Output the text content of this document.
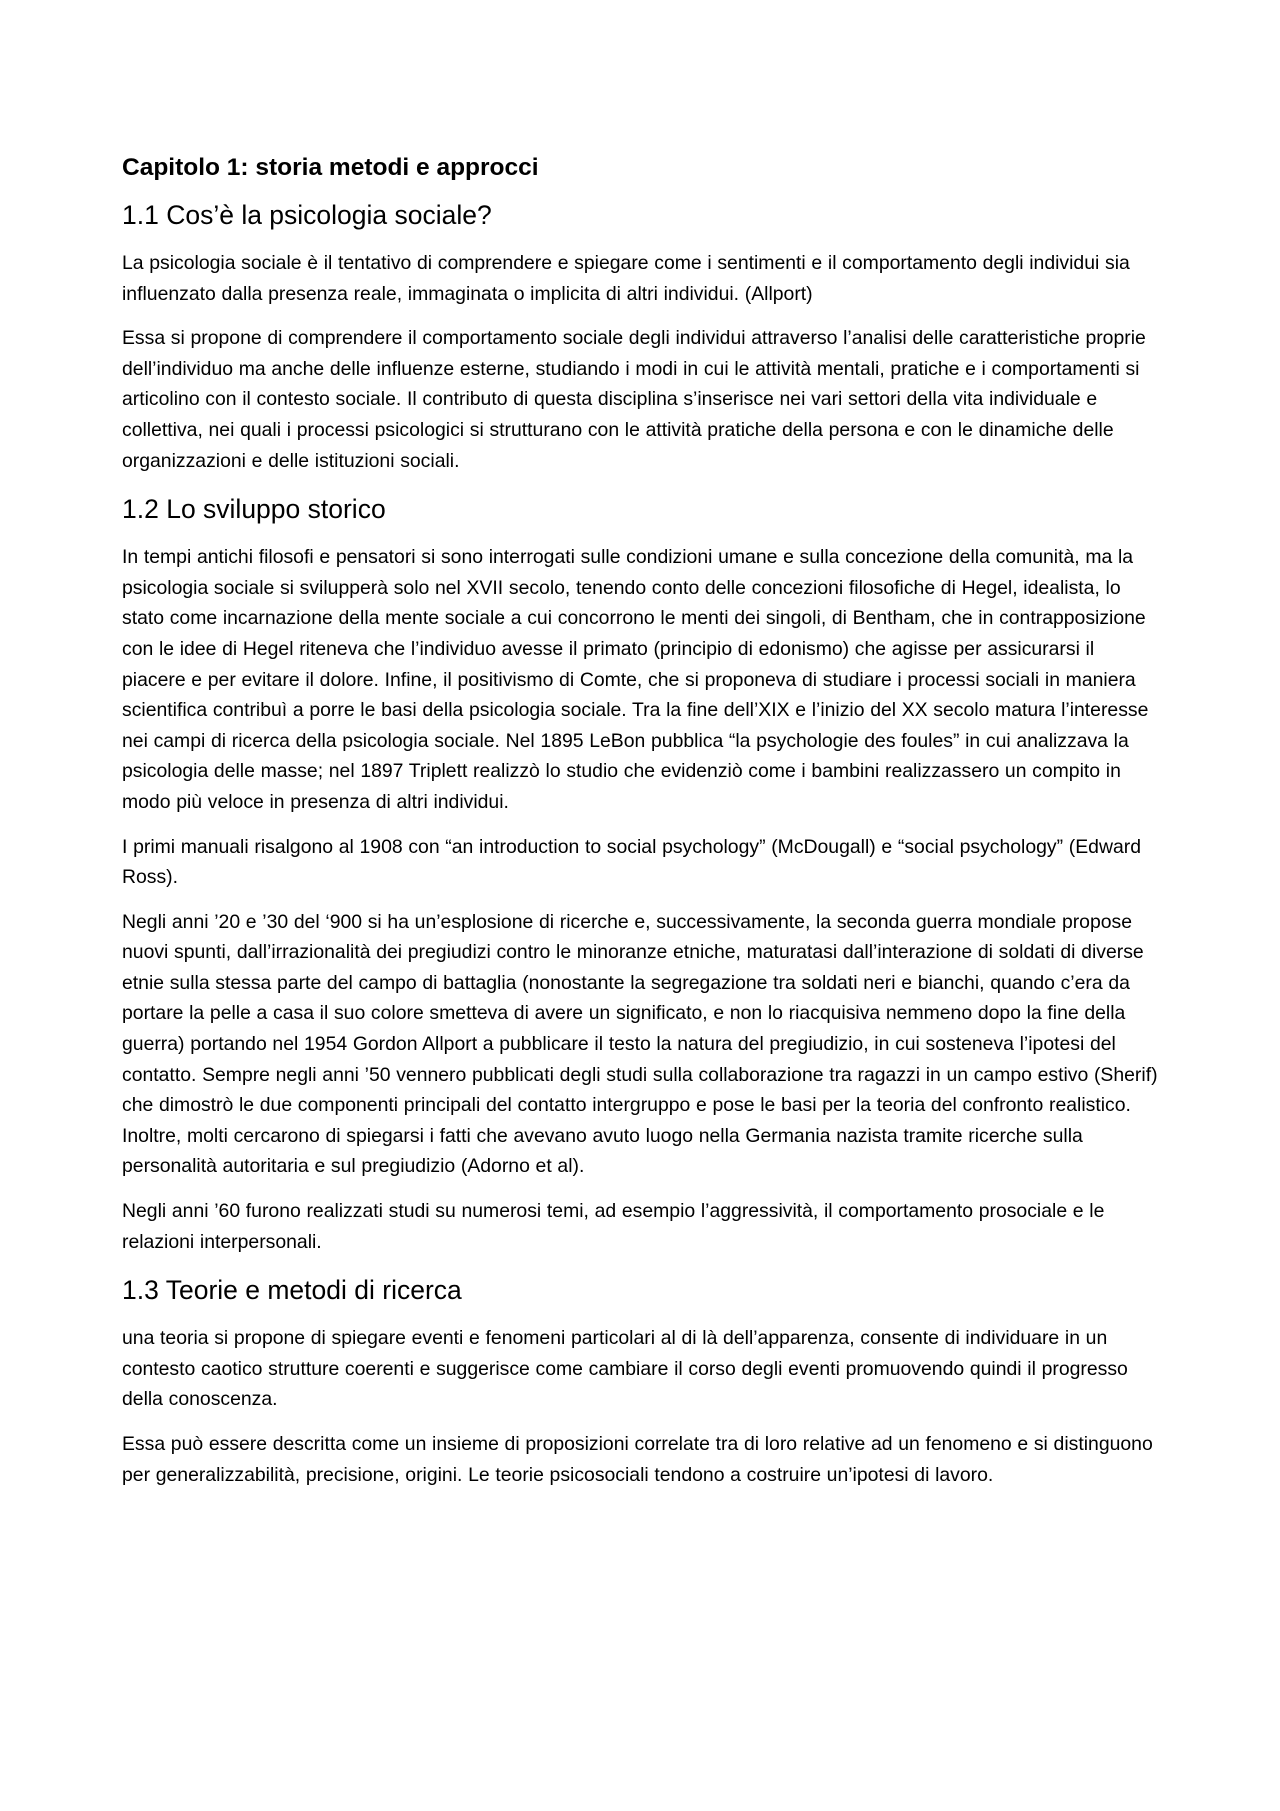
Capitolo 1: storia metodi e approcci
1.1 Cos’è la psicologia sociale?

La psicologia sociale è il tentativo di comprendere e spiegare come i sentimenti e il comportamento degli individui sia influenzato dalla presenza reale, immaginata o implicita di altri individui. (Allport)

Essa si propone di comprendere il comportamento sociale degli individui attraverso l’analisi delle caratteristiche proprie dell’individuo ma anche delle influenze esterne, studiando i modi in cui le attività mentali, pratiche e i comportamenti si articolino con il contesto sociale. Il contributo di questa disciplina s’inserisce nei vari settori della vita individuale e collettiva, nei quali i processi psicologici si strutturano con le attività pratiche della persona e con le dinamiche delle organizzazioni e delle istituzioni sociali.

1.2 Lo sviluppo storico

In tempi antichi filosofi e pensatori si sono interrogati sulle condizioni umane e sulla concezione della comunità, ma la psicologia sociale si svilupperà solo nel XVII secolo, tenendo conto delle concezioni filosofiche di Hegel, idealista, lo stato come incarnazione della mente sociale a cui concorrono le menti dei singoli, di Bentham, che in contrapposizione con le idee di Hegel riteneva che l’individuo avesse il primato (principio di edonismo) che agisse per assicurarsi il piacere e per evitare il dolore. Infine, il positivismo di Comte, che si proponeva di studiare i processi sociali in maniera scientifica contribuì a porre le basi della psicologia sociale. Tra la fine dell’XIX e l’inizio del XX secolo matura l’interesse nei campi di ricerca della psicologia sociale. Nel 1895 LeBon pubblica “la psychologie des foules” in cui analizzava la psicologia delle masse; nel 1897 Triplett realizzò lo studio che evidenziò come i bambini realizzassero un compito in modo più veloce in presenza di altri individui.

I primi manuali risalgono al 1908 con “an introduction to social psychology” (McDougall) e “social psychology” (Edward Ross).

Negli anni ’20 e ’30 del ‘900 si ha un’esplosione di ricerche e, successivamente, la seconda guerra mondiale propose nuovi spunti, dall’irrazionalità dei pregiudizi contro le minoranze etniche, maturatasi dall’interazione di soldati di diverse etnie sulla stessa parte del campo di battaglia (nonostante la segregazione tra soldati neri e bianchi, quando c’era da portare la pelle a casa il suo colore smetteva di avere un significato, e non lo riacquisiva nemmeno dopo la fine della guerra) portando nel 1954 Gordon Allport a pubblicare il testo la natura del pregiudizio, in cui sosteneva l’ipotesi del contatto. Sempre negli anni ’50 vennero pubblicati degli studi sulla collaborazione tra ragazzi in un campo estivo (Sherif) che dimostrò le due componenti principali del contatto intergruppo e pose le basi per la teoria del confronto realistico. Inoltre, molti cercarono di spiegarsi i fatti che avevano avuto luogo nella Germania nazista tramite ricerche sulla personalità autoritaria e sul pregiudizio (Adorno et al).

Negli anni ’60 furono realizzati studi su numerosi temi, ad esempio l’aggressività, il comportamento prosociale e le relazioni interpersonali.

1.3 Teorie e metodi di ricerca

una teoria si propone di spiegare eventi e fenomeni particolari al di là dell’apparenza, consente di individuare in un contesto caotico strutture coerenti e suggerisce come cambiare il corso degli eventi promuovendo quindi il progresso della conoscenza.

Essa può essere descritta come un insieme di proposizioni correlate tra di loro relative ad un fenomeno e si distinguono per generalizzabilità, precisione, origini. Le teorie psicosociali tendono a costruire un’ipotesi di lavoro.
